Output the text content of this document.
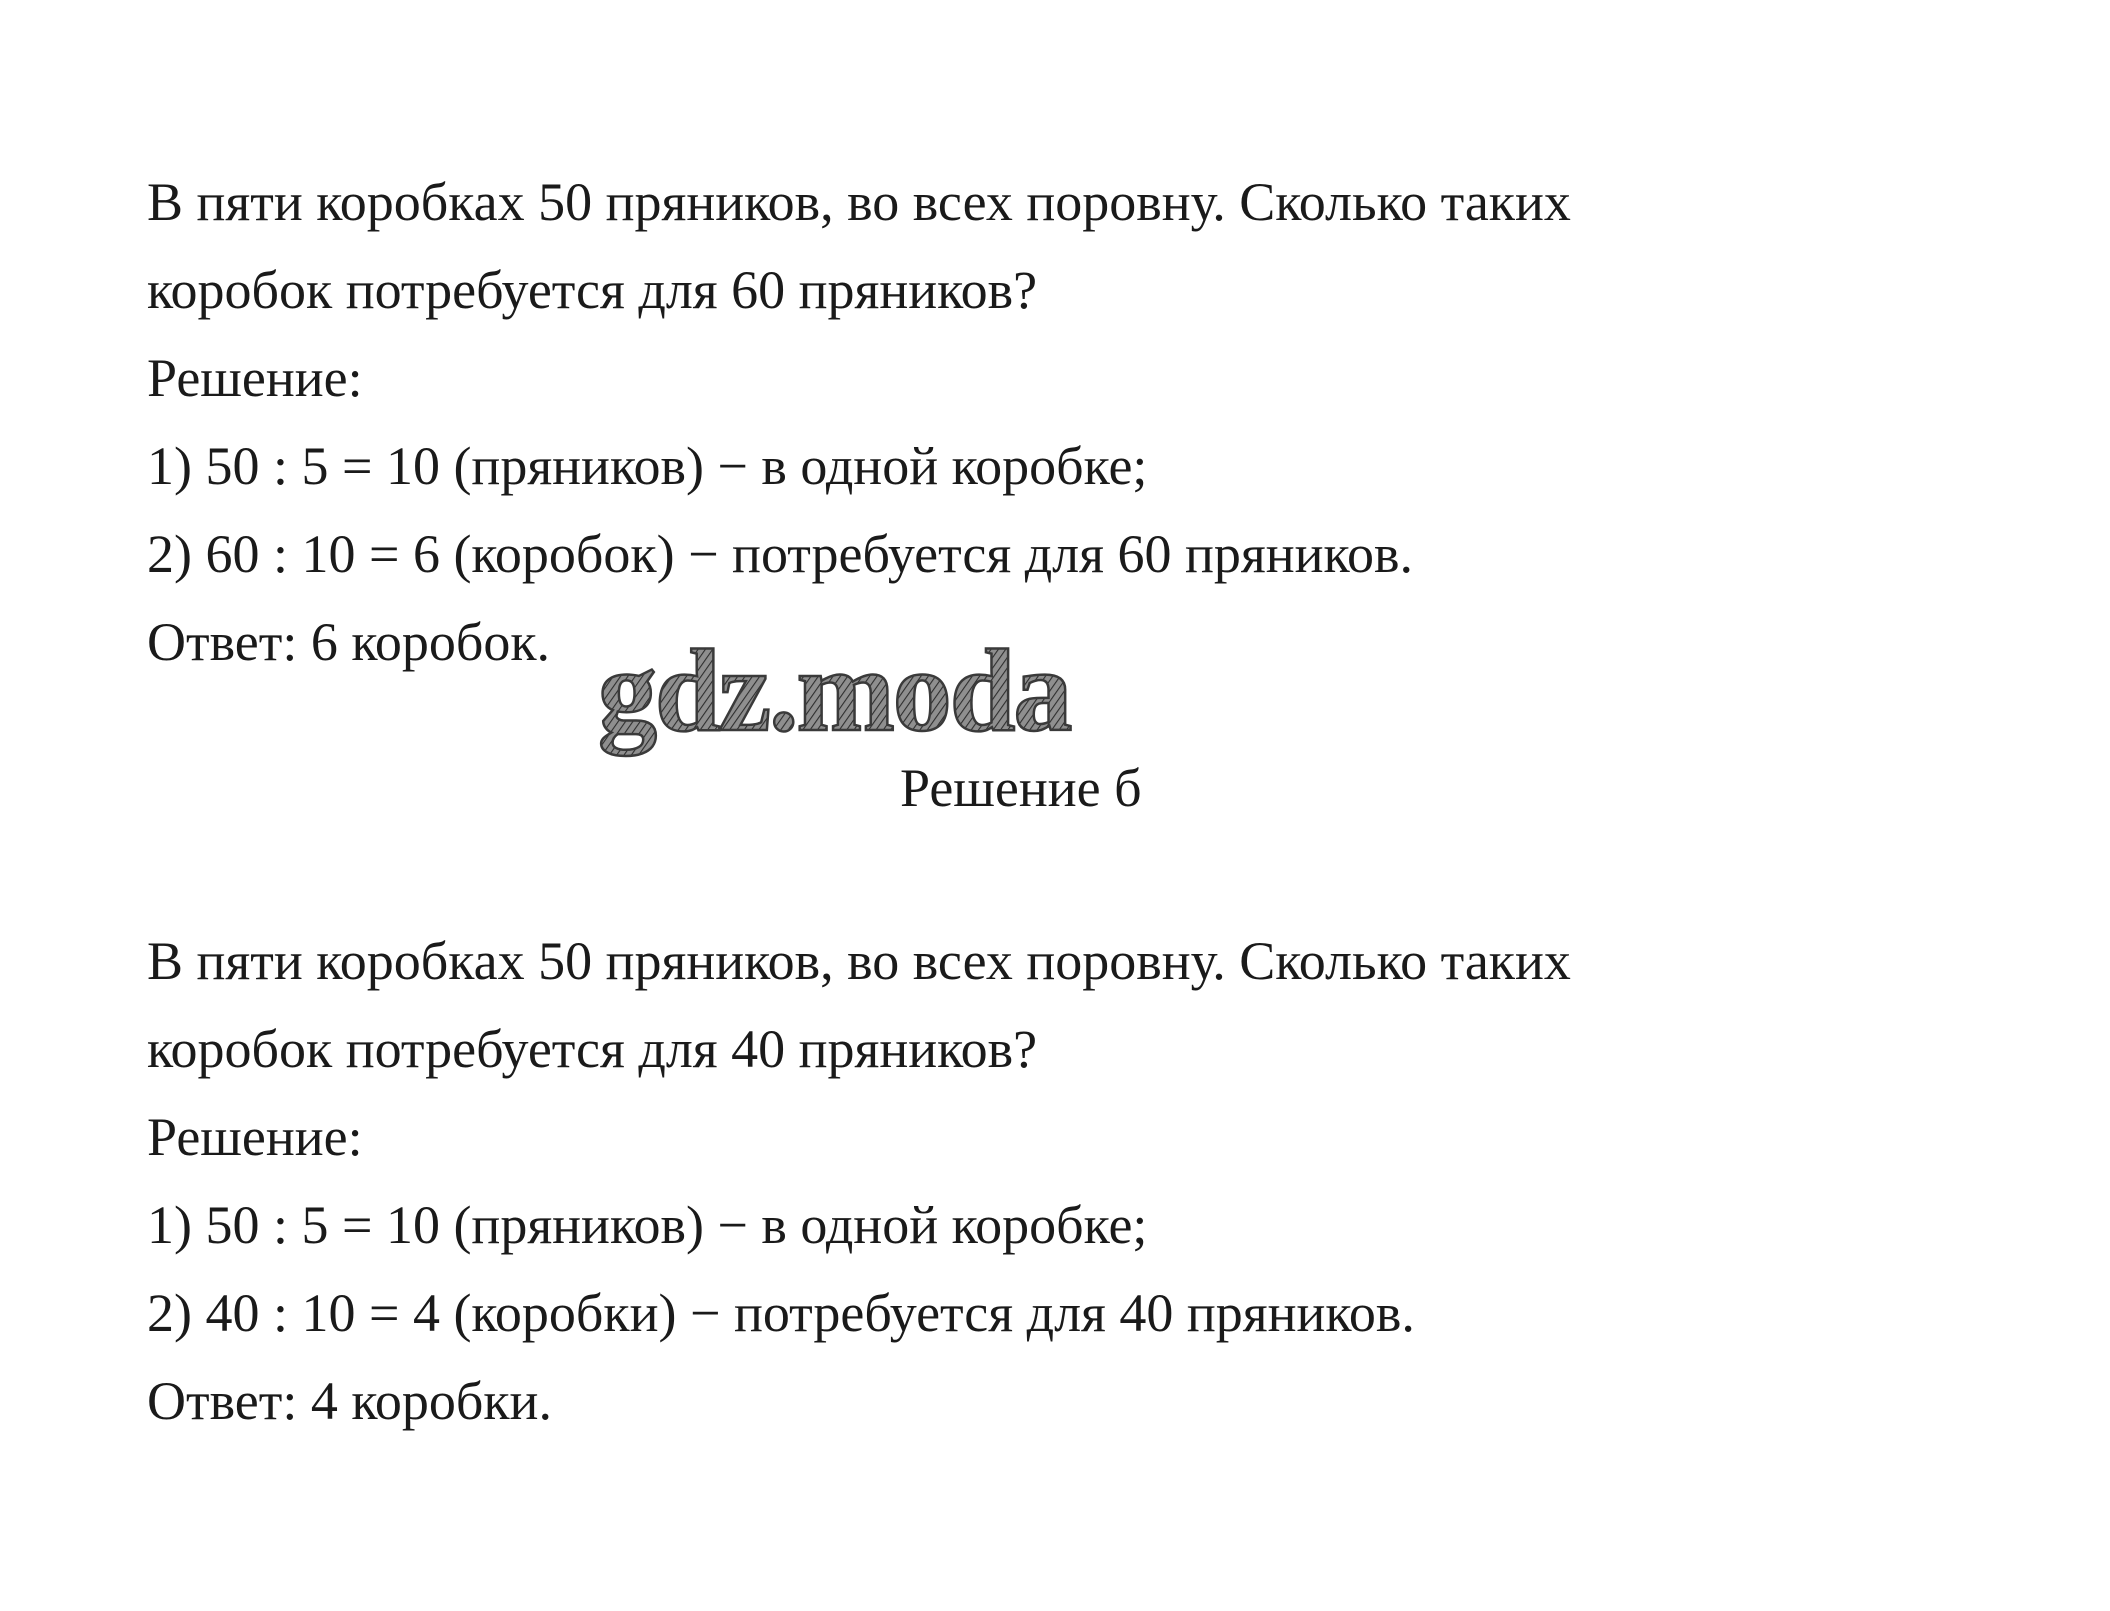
В пяти коробках 50 пряников, во всех поровну. Сколько таких

коробок потребуется для 60 пряников?

Решение:

1) 50 : 5 = 10 (пряников) − в одной коробке;

2) 60 : 10 = 6 (коробок) − потребуется для 60 пряников.

Ответ: 6 коробок. gdz.moda

Решение б

В пяти коробках 50 пряников, во всех поровну. Сколько таких

коробок потребуется для 40 пряников?

Решение:

1) 50 : 5 = 10 (пряников) − в одной коробке;

2) 40 : 10 = 4 (коробки) − потребуется для 40 пряников.

Ответ: 4 коробки.
